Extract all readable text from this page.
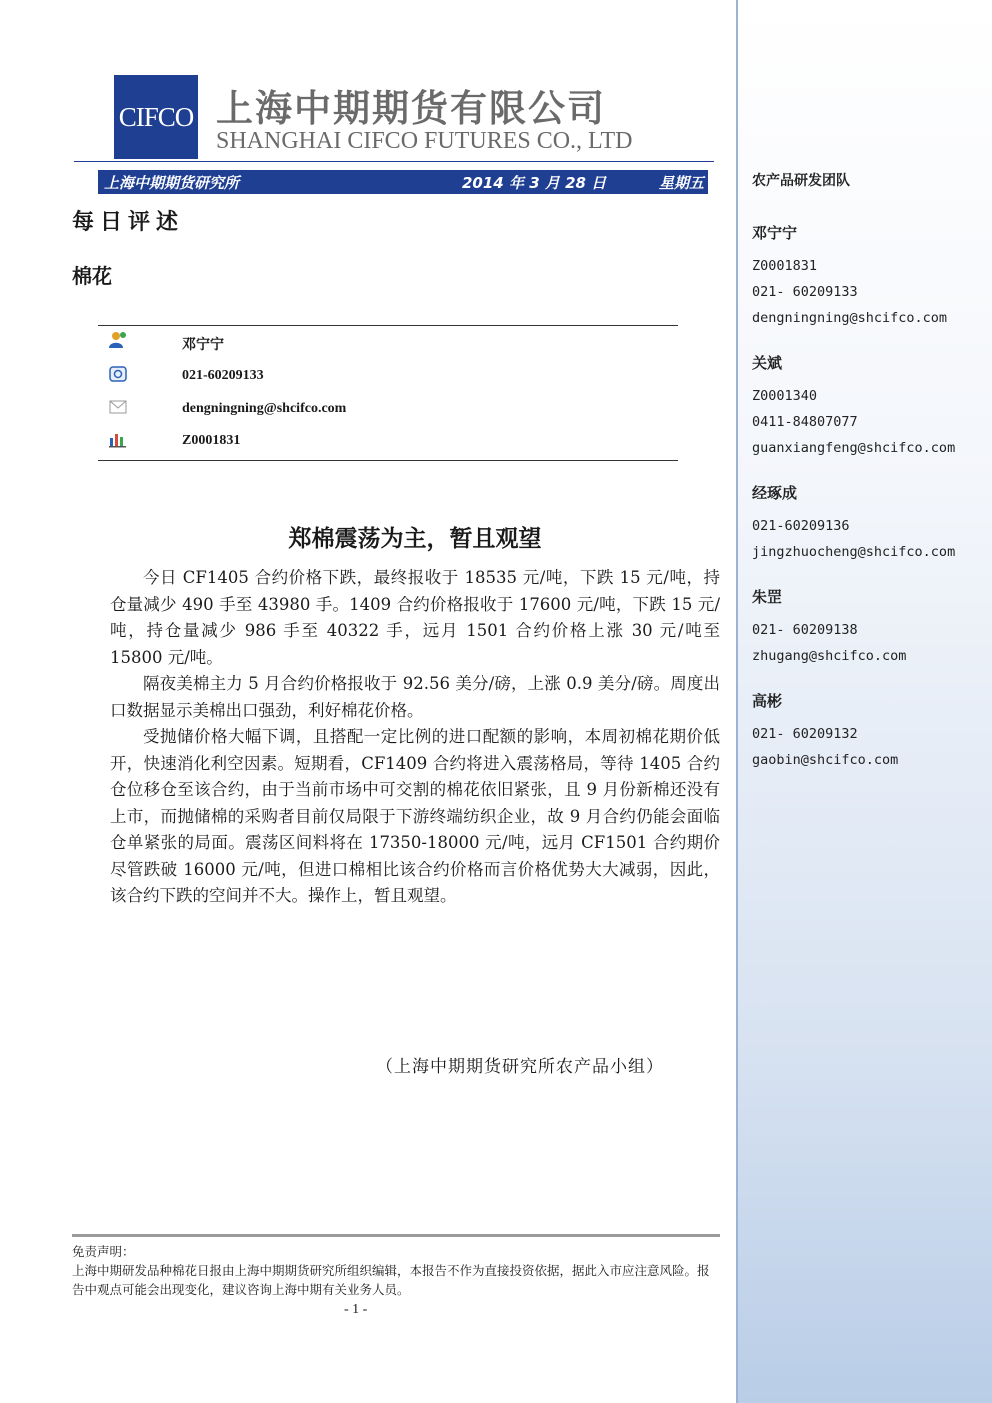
农产品研发团队
邓宁宁
Z0001831
021- 60209133
dengningning@shcifco.com
关斌
Z0001340
0411-84807077
guanxiangfeng@shcifco.com
经琢成
021-60209136
jingzhuocheng@shcifco.com
朱罡
021- 60209138
zhugang@shcifco.com
高彬
021- 60209132
gaobin@shcifco.com
CIFCO 上海中期期货有限公司
SHANGHAI CIFCO FUTURES CO., LTD
上海中期期货研究所	2014 年 3 月 28 日	星期五
每日评述
棉花
邓宁宁
021-60209133
dengningning@shcifco.com
Z0001831
郑棉震荡为主，暂且观望

今日 CF1405 合约价格下跌，最终报收于 18535 元/吨，下跌 15 元/吨，持仓量减少 490 手至 43980 手。1409 合约价格报收于 17600 元/吨，下跌 15 元/吨，持仓量减少 986 手至 40322 手，远月 1501 合约价格上涨 30 元/吨至 15800 元/吨。

隔夜美棉主力 5 月合约价格报收于 92.56 美分/磅，上涨 0.9 美分/磅。周度出口数据显示美棉出口强劲，利好棉花价格。

受抛储价格大幅下调，且搭配一定比例的进口配额的影响，本周初棉花期价低开，快速消化利空因素。短期看，CF1409 合约将进入震荡格局，等待 1405 合约仓位移仓至该合约，由于当前市场中可交割的棉花依旧紧张，且 9 月份新棉还没有上市，而抛储棉的采购者目前仅局限于下游终端纺织企业，故 9 月合约仍能会面临仓单紧张的局面。震荡区间料将在 17350-18000 元/吨，远月 CF1501 合约期价尽管跌破 16000 元/吨，但进口棉相比该合约价格而言价格优势大大减弱，因此，该合约下跌的空间并不大。操作上，暂且观望。

（上海中期期货研究所农产品小组）
免责声明：
上海中期研发品种棉花日报由上海中期期货研究所组织编辑，本报告不作为直接投资依据，据此入市应注意风险。报告中观点可能会出现变化，建议咨询上海中期有关业务人员。
- 1 -
